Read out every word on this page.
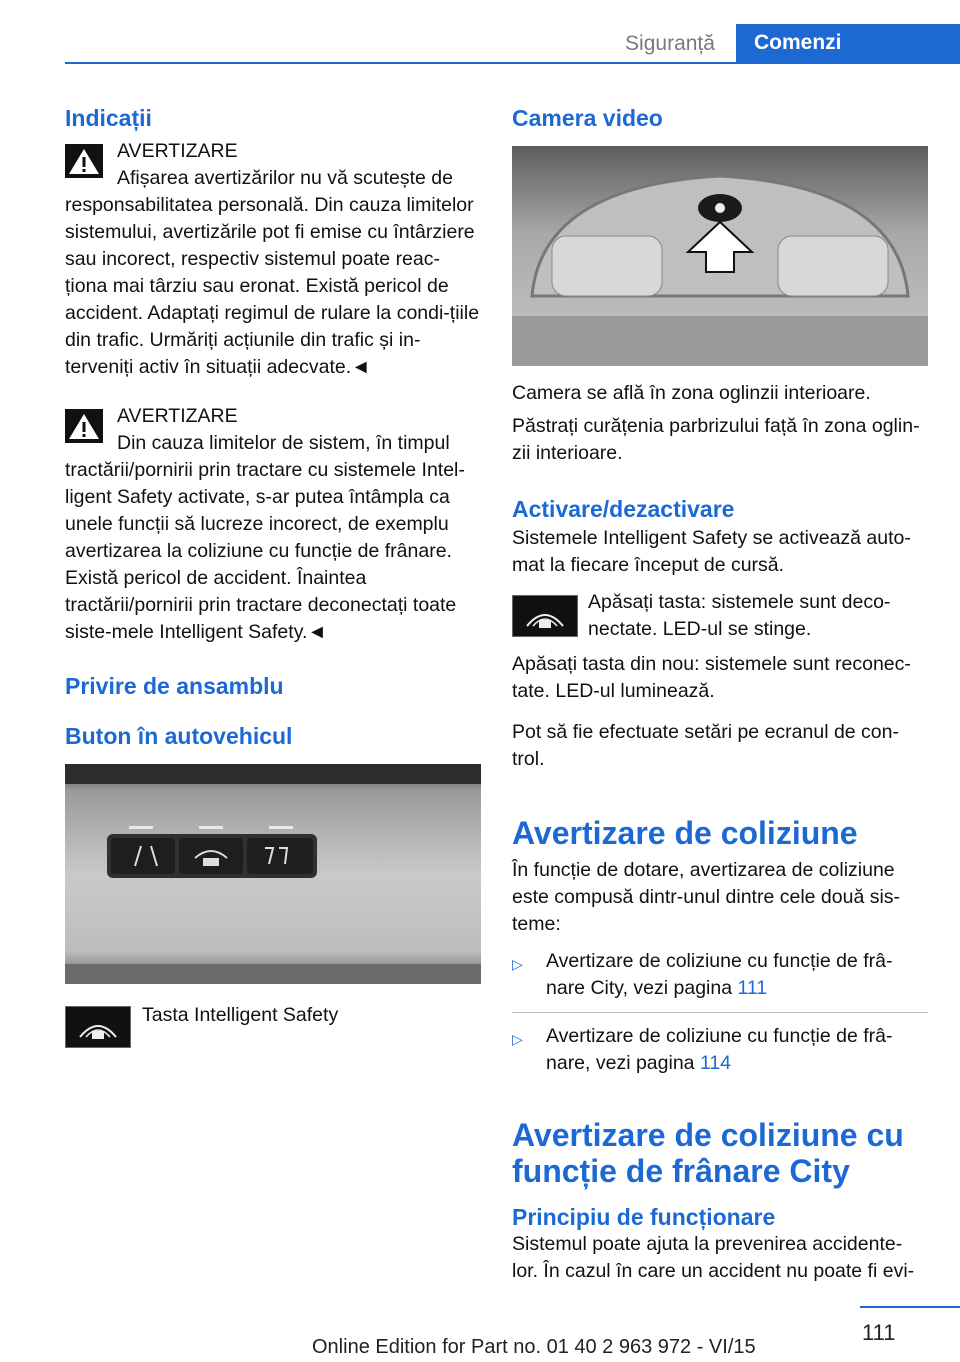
Siguranță	Comenzi
Indicații
AVERTIZARE

Afișarea avertizărilor nu vă scutește de responsabilitatea personală. Din cauza limitelor sistemului, avertizările pot fi emise cu întârziere sau incorect, respectiv sistemul poate reac-ționa mai târziu sau eronat. Există pericol de accident. Adaptați regimul de rulare la condi-țiile din trafic. Urmăriți acțiunile din trafic și in-terveniți activ în situații adecvate.◄

AVERTIZARE

Din cauza limitelor de sistem, în timpul tractării/pornirii prin tractare cu sistemele Intel-ligent Safety activate, s-ar putea întâmpla ca unele funcții să lucreze incorect, de exemplu avertizarea la coliziune cu funcție de frânare. Există pericol de accident. Înaintea tractării/pornirii prin tractare deconectați toate siste-mele Intelligent Safety.◄

Privire de ansamblu
Buton în autovehicul

Tasta Intelligent Safety

Camera video

Camera se află în zona oglinzii interioare.

Păstrați curățenia parbrizului față în zona oglin-zii interioare.

Activare/dezactivare

Sistemele Intelligent Safety se activează auto-mat la fiecare început de cursă.

Apăsați tasta: sistemele sunt deco-nectate. LED-ul se stinge.

Apăsați tasta din nou: sistemele sunt reconec-tate. LED-ul luminează.

Pot să fie efectuate setări pe ecranul de con-trol.

Avertizare de coliziune

În funcție de dotare, avertizarea de coliziune este compusă dintr-unul dintre cele două sis-teme:

▷ Avertizare de coliziune cu funcție de frâ-nare City, vezi pagina 111
▷ Avertizare de coliziune cu funcție de frâ-nare, vezi pagina 114
Avertizare de coliziune cu funcție de frânare City
Principiu de funcționare

Sistemul poate ajuta la prevenirea accidente-lor. În cazul în care un accident nu poate fi evi-

111
Online Edition for Part no. 01 40 2 963 972 - VI/15
